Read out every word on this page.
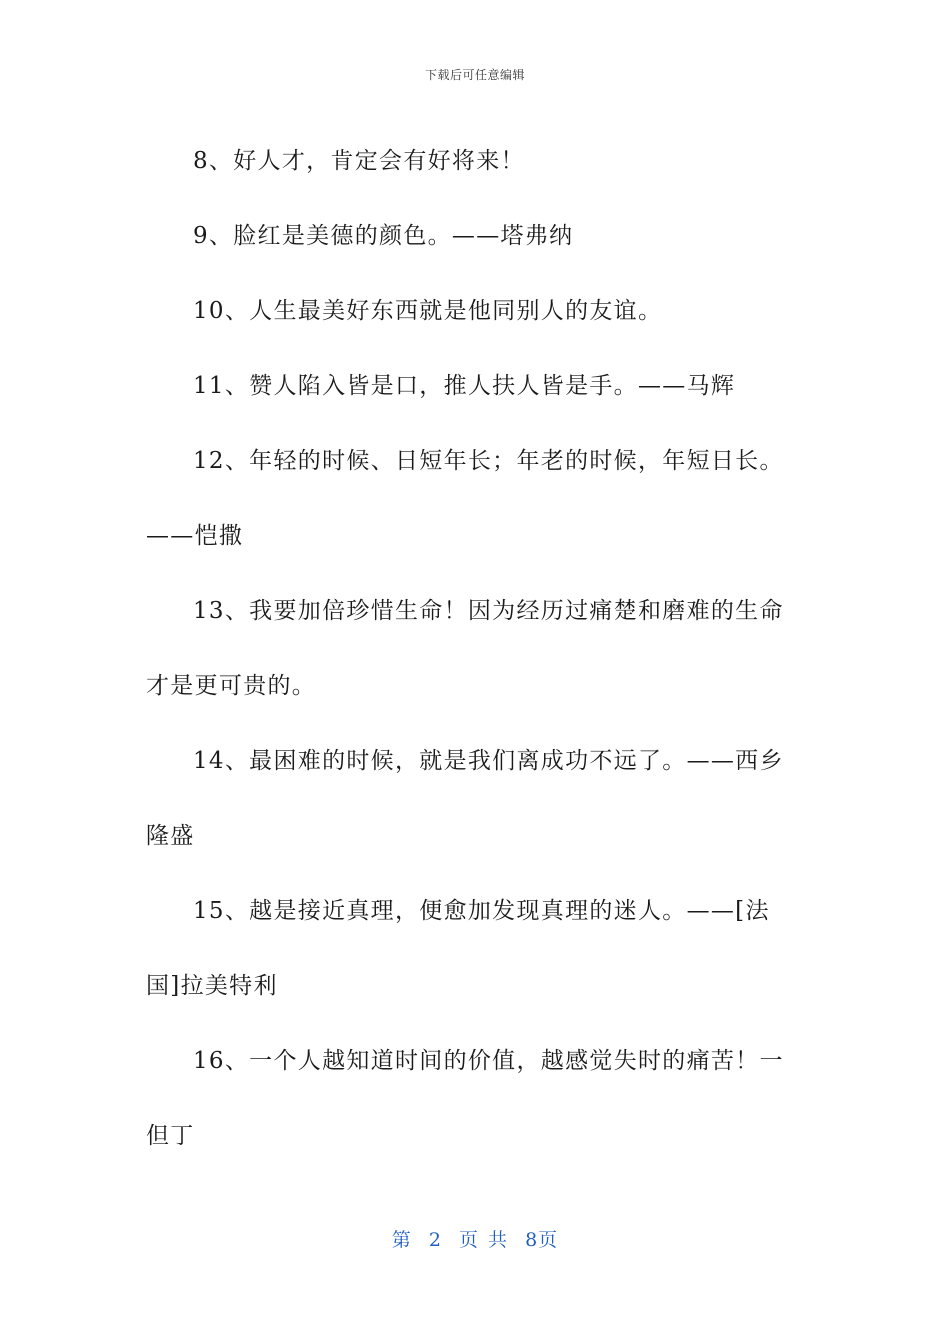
下载后可任意编辑

8、好人才，肯定会有好将来！

9、脸红是美德的颜色。——塔弗纳

10、人生最美好东西就是他同别人的友谊。

11、赞人陷入皆是口，推人扶人皆是手。——马辉

12、年轻的时候、日短年长；年老的时候，年短日长。——恺撒

13、我要加倍珍惜生命！因为经历过痛楚和磨难的生命才是更可贵的。

14、最困难的时候，就是我们离成功不远了。——西乡隆盛

15、越是接近真理，便愈加发现真理的迷人。——[法国]拉美特利

16、一个人越知道时间的价值，越感觉失时的痛苦！一但丁

第 2 页 共 8页
